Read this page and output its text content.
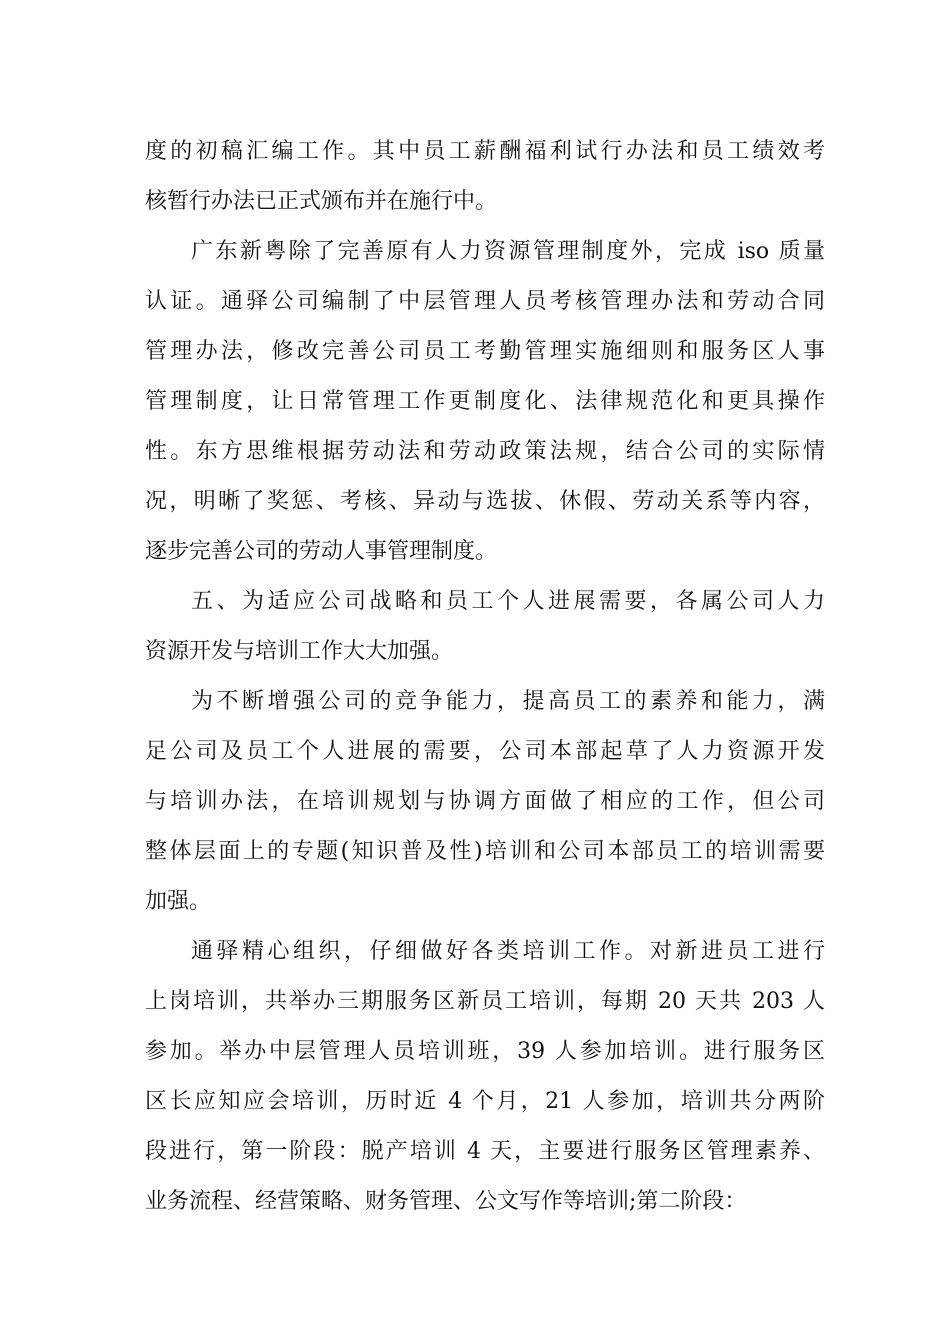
度的初稿汇编工作。其中员工薪酬福利试行办法和员工绩效考
核暂行办法已正式颁布并在施行中。
广东新粤除了完善原有人力资源管理制度外，完成 iso 质量
认证。通驿公司编制了中层管理人员考核管理办法和劳动合同
管理办法，修改完善公司员工考勤管理实施细则和服务区人事
管理制度，让日常管理工作更制度化、法律规范化和更具操作
性。东方思维根据劳动法和劳动政策法规，结合公司的实际情
况，明晰了奖惩、考核、异动与选拔、休假、劳动关系等内容，
逐步完善公司的劳动人事管理制度。
五、为适应公司战略和员工个人进展需要，各属公司人力
资源开发与培训工作大大加强。
为不断增强公司的竞争能力，提高员工的素养和能力，满
足公司及员工个人进展的需要，公司本部起草了人力资源开发
与培训办法，在培训规划与协调方面做了相应的工作，但公司
整体层面上的专题(知识普及性)培训和公司本部员工的培训需要
加强。
通驿精心组织，仔细做好各类培训工作。对新进员工进行
上岗培训，共举办三期服务区新员工培训，每期 20 天共 203 人
参加。举办中层管理人员培训班，39 人参加培训。进行服务区
区长应知应会培训，历时近 4 个月，21 人参加，培训共分两阶
段进行，第一阶段：脱产培训 4 天，主要进行服务区管理素养、
业务流程、经营策略、财务管理、公文写作等培训;第二阶段：
